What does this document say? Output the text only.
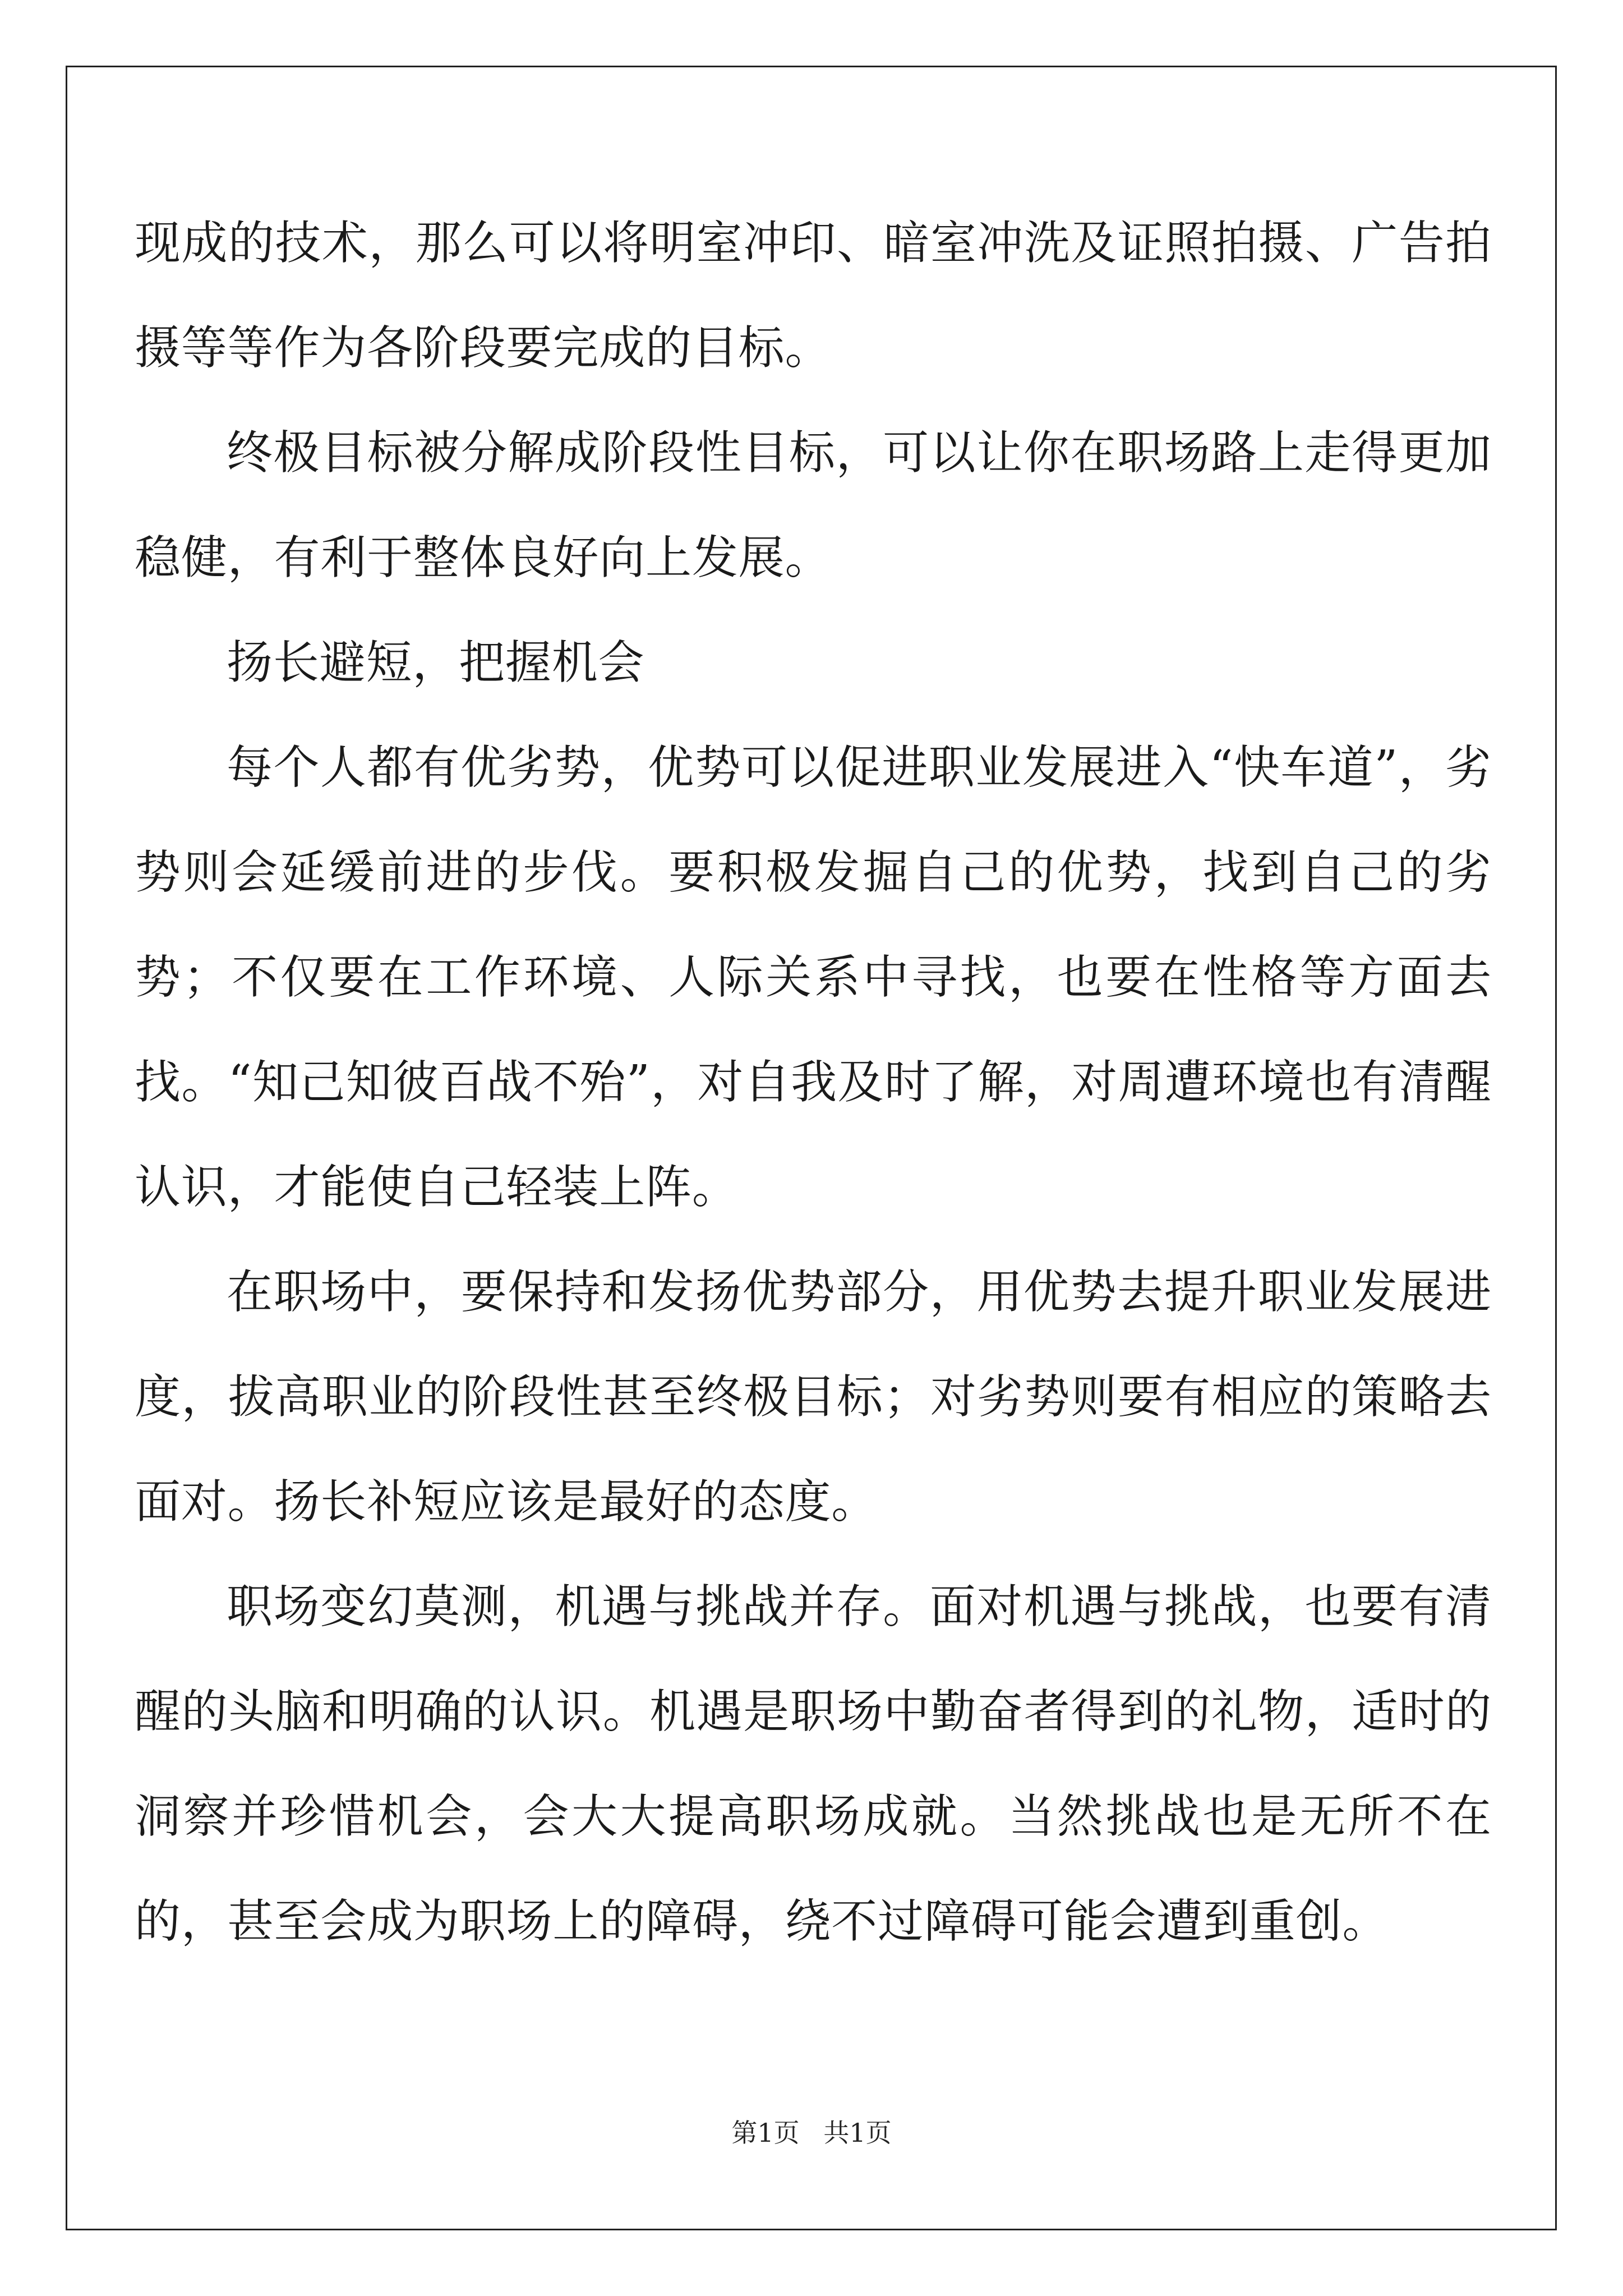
现成的技术，那么可以将明室冲印、暗室冲洗及证照拍摄、广告拍摄等等作为各阶段要完成的目标。

终极目标被分解成阶段性目标，可以让你在职场路上走得更加稳健，有利于整体良好向上发展。

扬长避短，把握机会

每个人都有优劣势，优势可以促进职业发展进入“快车道”，劣势则会延缓前进的步伐。要积极发掘自己的优势，找到自己的劣势；不仅要在工作环境、人际关系中寻找，也要在性格等方面去找。“知己知彼百战不殆”，对自我及时了解，对周遭环境也有清醒认识，才能使自己轻装上阵。

在职场中，要保持和发扬优势部分，用优势去提升职业发展进度，拔高职业的阶段性甚至终极目标；对劣势则要有相应的策略去面对。扬长补短应该是最好的态度。

职场变幻莫测，机遇与挑战并存。面对机遇与挑战，也要有清醒的头脑和明确的认识。机遇是职场中勤奋者得到的礼物，适时的洞察并珍惜机会，会大大提高职场成就。当然挑战也是无所不在的，甚至会成为职场上的障碍，绕不过障碍可能会遭到重创。

第1页 共1页
